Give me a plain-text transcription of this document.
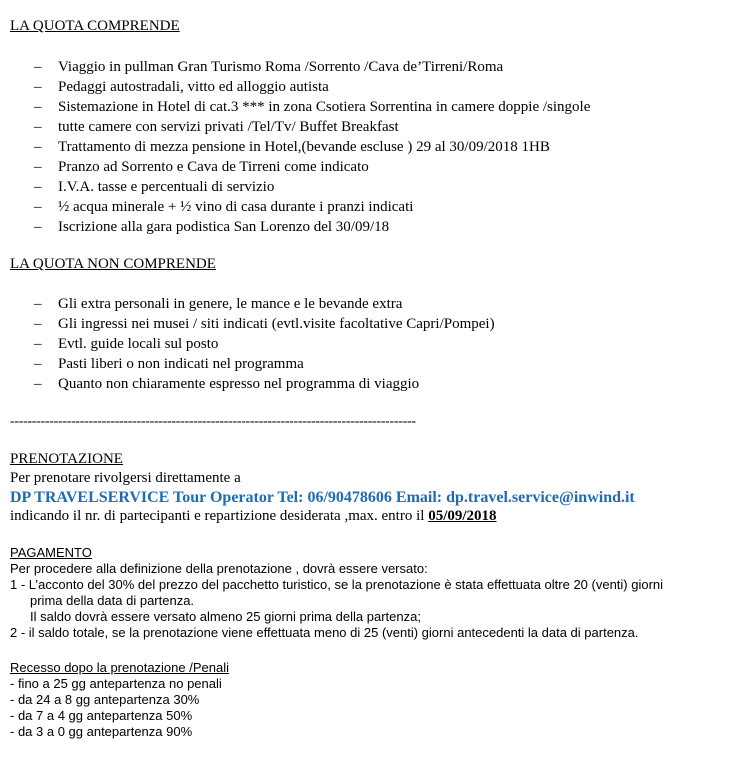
LA QUOTA COMPRENDE
– Viaggio in pullman Gran Turismo Roma /Sorrento /Cava de’Tirreni/Roma
– Pedaggi autostradali, vitto ed alloggio autista
– Sistemazione in Hotel di cat.3 *** in zona Csotiera Sorrentina in camere doppie /singole
– tutte camere con servizi privati /Tel/Tv/ Buffet Breakfast
– Trattamento di mezza pensione in Hotel,(bevande escluse ) 29 al 30/09/2018 1HB
– Pranzo ad Sorrento e Cava de Tirreni come indicato
– I.V.A. tasse e percentuali di servizio
– ½ acqua minerale + ½ vino di casa durante i pranzi indicati
– Iscrizione alla gara podistica San Lorenzo del 30/09/18
LA QUOTA NON COMPRENDE
– Gli extra personali in genere, le mance e le bevande extra
– Gli ingressi nei musei / siti indicati (evtl.visite facoltative Capri/Pompei)
– Evtl. guide locali sul posto
– Pasti liberi o non indicati nel programma
– Quanto non chiaramente espresso nel programma di viaggio
---------------------------------------------------------------------------------------------
PRENOTAZIONE
Per prenotare rivolgersi direttamente a
DP TRAVELSERVICE Tour Operator Tel: 06/90478606 Email: dp.travel.service@inwind.it
indicando il nr. di partecipanti e repartizione desiderata ,max. entro il 05/09/2018
PAGAMENTO
Per procedere alla definizione della prenotazione , dovrà essere versato:
1 - L’acconto del 30% del prezzo del pacchetto turistico, se la prenotazione è stata effettuata oltre 20 (venti) giorni
prima della data di partenza.
Il saldo dovrà essere versato almeno 25 giorni prima della partenza;
2 - il saldo totale, se la prenotazione viene effettuata meno di 25 (venti) giorni antecedenti la data di partenza.
Recesso dopo la prenotazione /Penali
- fino a 25 gg antepartenza no penali
- da 24 a 8 gg antepartenza 30%
- da 7 a 4 gg antepartenza 50%
- da 3 a 0 gg antepartenza 90%
